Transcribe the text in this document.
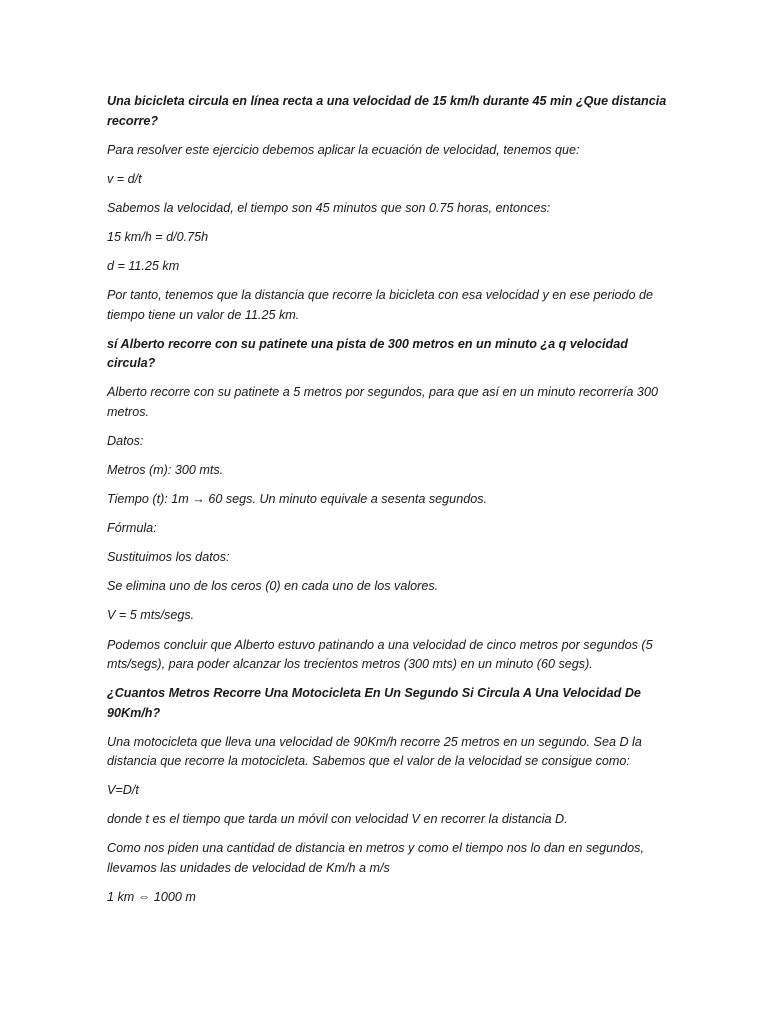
Una bicicleta circula en línea recta a una velocidad de 15 km/h durante 45 min ¿Que distancia recorre?

Para resolver este ejercicio debemos aplicar la ecuación de velocidad, tenemos que:

v = d/t

Sabemos la velocidad, el tiempo son 45 minutos que son 0.75 horas, entonces:

15 km/h = d/0.75h

d = 11.25 km

Por tanto, tenemos que la distancia que recorre la bicicleta con esa velocidad y en ese periodo de tiempo tiene un valor de 11.25 km.

sí Alberto recorre con su patinete una pista de 300 metros en un minuto ¿a q velocidad circula?

Alberto recorre con su patinete a 5 metros por segundos, para que así en un minuto recorrería 300 metros.

Datos:

Metros (m): 300 mts.

Tiempo (t): 1m → 60 segs. Un minuto equivale a sesenta segundos.

Fórmula:

Sustituimos los datos:

Se elimina uno de los ceros (0) en cada uno de los valores.

V = 5 mts/segs.

Podemos concluir que Alberto estuvo patinando a una velocidad de cinco metros por segundos (5 mts/segs), para poder alcanzar los trecientos metros (300 mts) en un minuto (60 segs).

¿Cuantos Metros Recorre Una Motocicleta En Un Segundo Si Circula A Una Velocidad De 90Km/h?

Una motocicleta que lleva una velocidad de 90Km/h recorre 25 metros en un segundo. Sea D la distancia que recorre la motocicleta. Sabemos que el valor de la velocidad se consigue como:

V=D/t

donde t es el tiempo que tarda un móvil con velocidad V en recorrer la distancia D.

Como nos piden una cantidad de distancia en metros y como el tiempo nos lo dan en segundos, llevamos las unidades de velocidad de Km/h a m/s

1 km ⇔ 1000 m
